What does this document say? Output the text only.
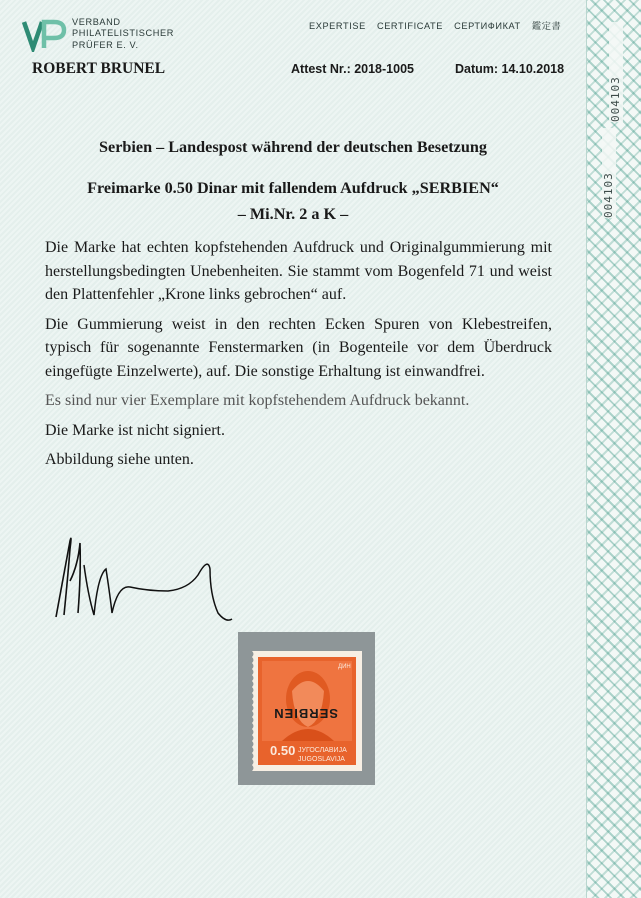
004103
004103
VERBAND
PHILATELISTISCHER
PRÜFER E. V.
EXPERTISE CERTIFICATE СЕРТИФИКАТ 鑑定書
ROBERT BRUNEL	Attest Nr.: 2018-1005	Datum: 14.10.2018
Serbien – Landespost während der deutschen Besetzung
Freimarke 0.50 Dinar mit fallendem Aufdruck „SERBIEN“
– Mi.Nr. 2 a K –

Die Marke hat echten kopfstehenden Aufdruck und Originalgummierung mit herstellungsbedingten Unebenheiten. Sie stammt vom Bogenfeld 71 und weist den Plattenfehler „Krone links gebrochen“ auf.

Die Gummierung weist in den rechten Ecken Spuren von Klebestreifen, typisch für sogenannte Fenstermarken (in Bogenteile vor dem Überdruck eingefügte Einzelwerte), auf. Die sonstige Erhaltung ist einwandfrei.

Es sind nur vier Exemplare mit kopfstehendem Aufdruck bekannt.

Die Marke ist nicht signiert.

Abbildung siehe unten.

0.50 ЈУГОСЛАВИЈА
JUGOSLAVIJA
ДИН
SERBIEN
